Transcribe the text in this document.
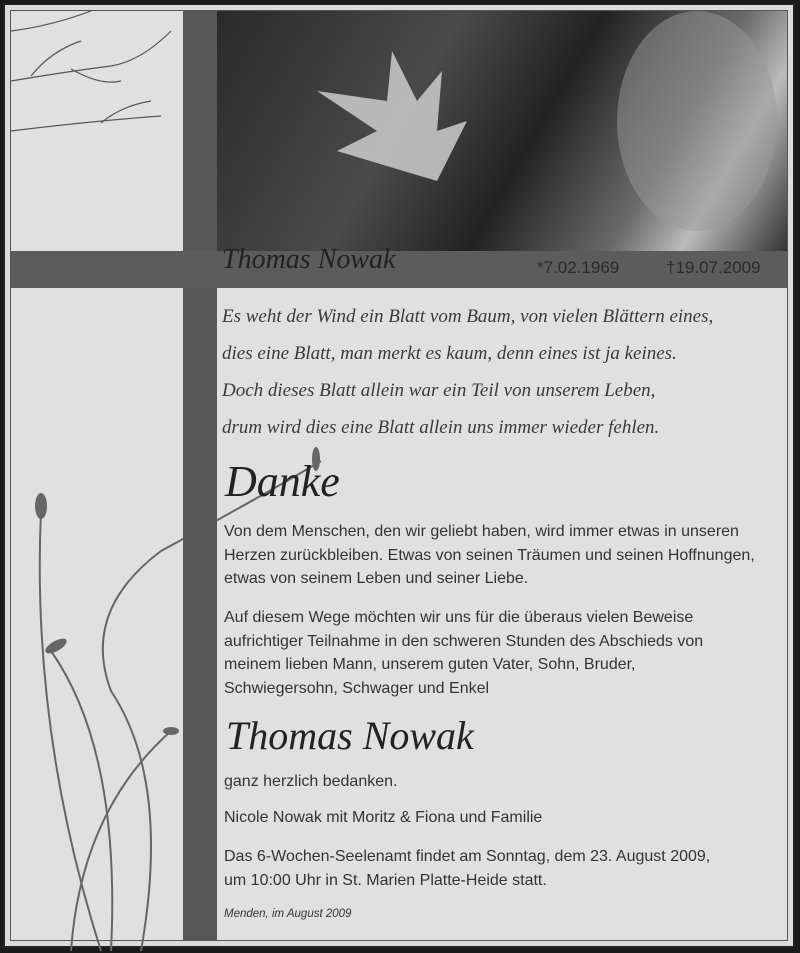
Thomas Nowak	*7.02.1969	†19.07.2009
Es weht der Wind ein Blatt vom Baum, von vielen Blättern eines,
dies eine Blatt, man merkt es kaum, denn eines ist ja keines.
Doch dieses Blatt allein war ein Teil von unserem Leben,
drum wird dies eine Blatt allein uns immer wieder fehlen.
Danke
Von dem Menschen, den wir geliebt haben, wird immer etwas in unseren
Herzen zurückbleiben. Etwas von seinen Träumen und seinen Hoffnungen,
etwas von seinem Leben und seiner Liebe.
Auf diesem Wege möchten wir uns für die überaus vielen Beweise
aufrichtiger Teilnahme in den schweren Stunden des Abschieds von
meinem lieben Mann, unserem guten Vater, Sohn, Bruder,
Schwiegersohn, Schwager und Enkel
Thomas Nowak
ganz herzlich bedanken.
Nicole Nowak mit Moritz & Fiona und Familie
Das 6-Wochen-Seelenamt findet am Sonntag, dem 23. August 2009,
um 10:00 Uhr in St. Marien Platte-Heide statt.
Menden, im August 2009
